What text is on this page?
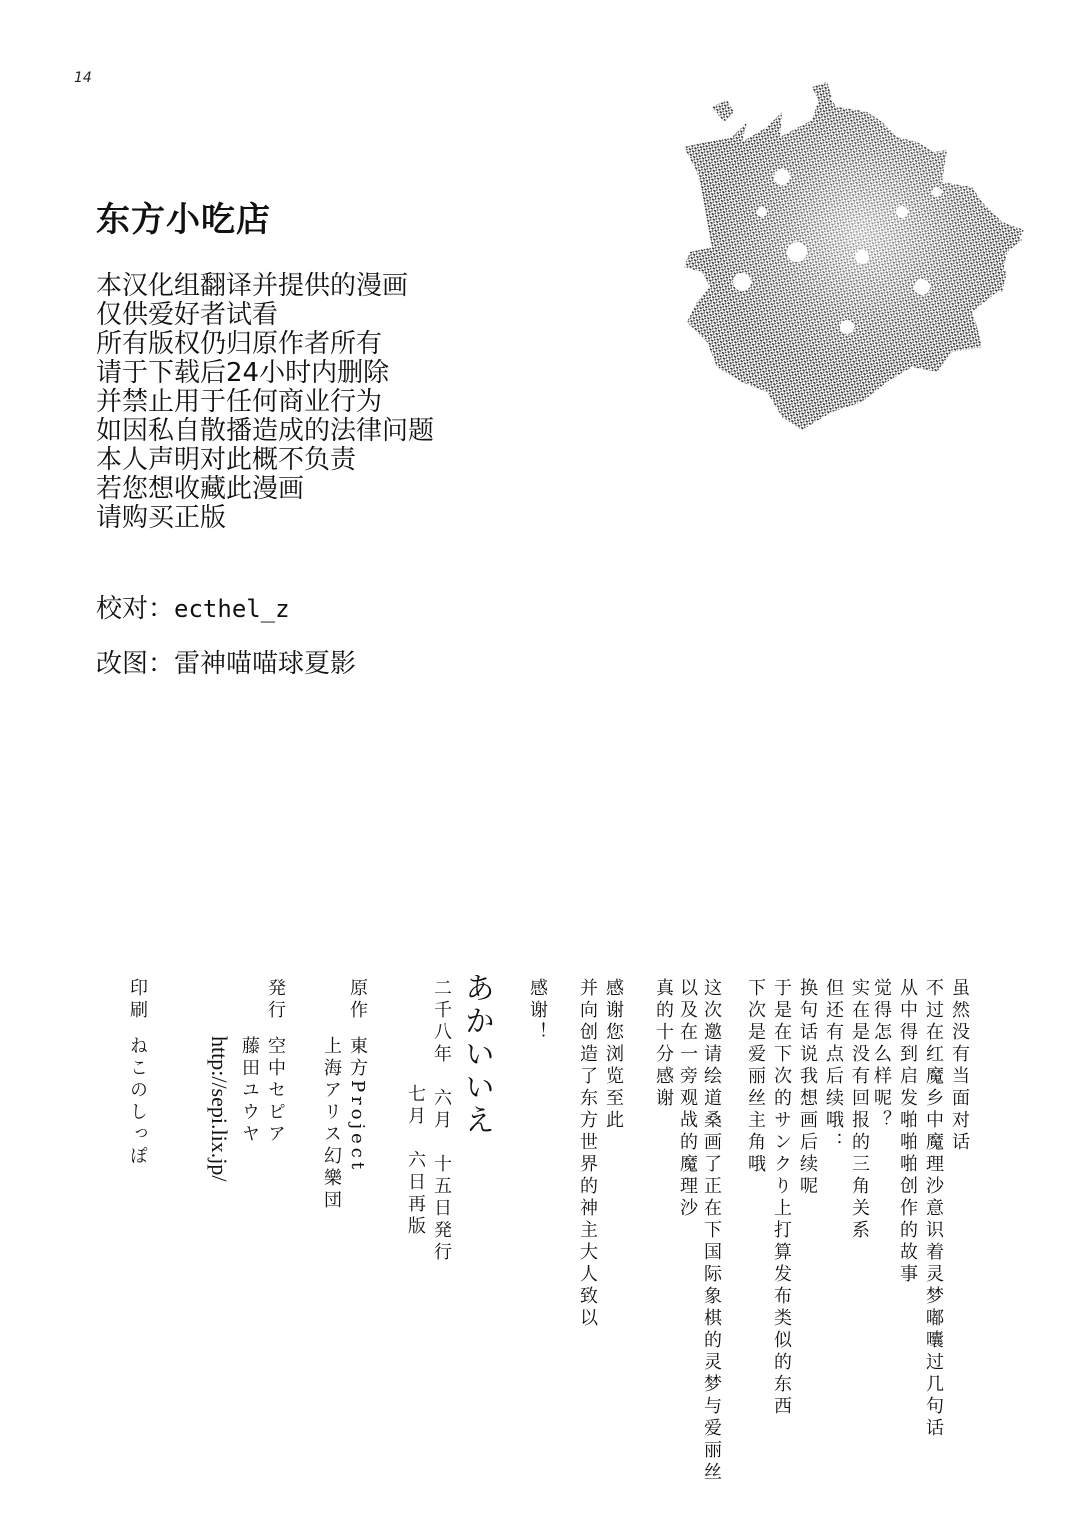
14
东方小吃店
本汉化组翻译并提供的漫画
仅供爱好者试看
所有版权仍归原作者所有
请于下载后24小时内删除
并禁止用于任何商业行为
如因私自散播造成的法律问题
本人声明对此概不负责
若您想收藏此漫画
请购买正版
校对：ecthel_z
改图：雷神喵喵球夏影
虽然没有当面对话
不过在红魔乡中魔理沙意识着灵梦嘟囔过几句话
从中得到启发啪啪啪创作的故事
觉得怎么样呢？
实在是没有回报的三角关系
但还有点后续哦：
换句话说我想画后续呢
于是在下次的サンクり上打算发布类似的东西
下次是爱丽丝主角哦
这次邀请绘道桑画了正在下国际象棋的灵梦与爱丽丝
以及在一旁观战的魔理沙
真的十分感谢
感谢您浏览至此
并向创造了东方世界的神主大人致以
感谢！
あかいいえ
二千八年　六月　十五日発行
七月　六日再版
原作
東方Project
上海アリス幻樂団
発行
空中セピア
藤田ユウヤ
http://sepi.lix.jp/
印刷
ねこのしっぽ
